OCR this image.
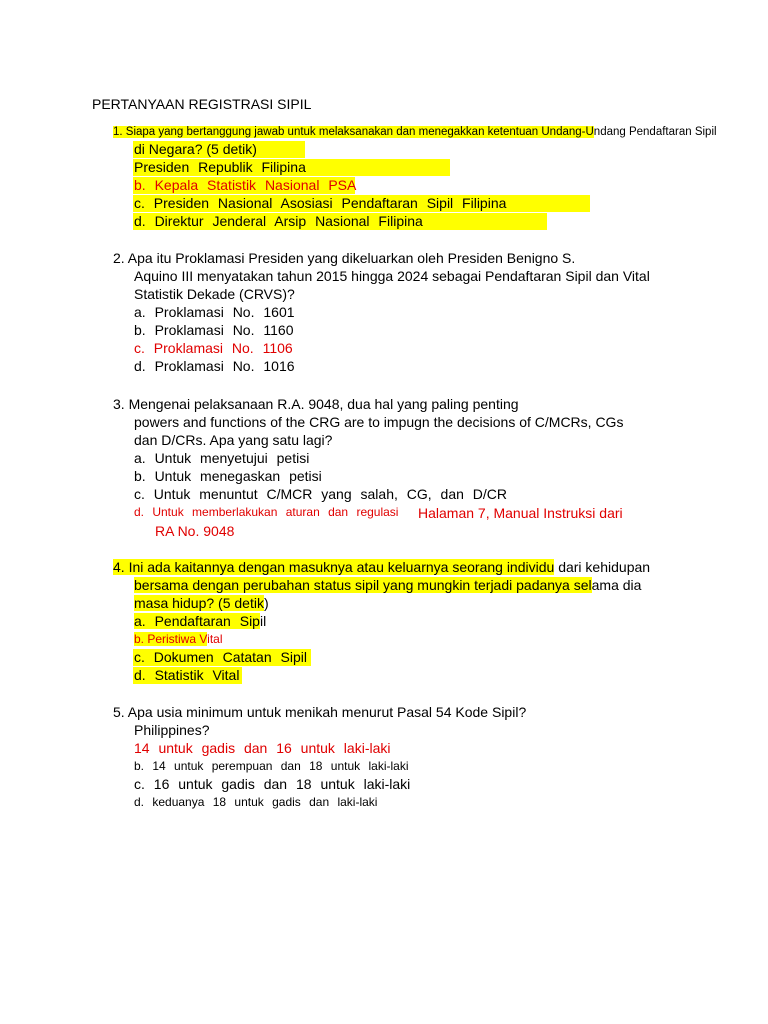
PERTANYAAN REGISTRASI SIPIL
1. Siapa yang bertanggung jawab untuk melaksanakan dan menegakkan ketentuan Undang-Undang Pendaftaran Sipil
di Negara? (5 detik)
Presiden Republik Filipina
b. Kepala Statistik Nasional PSA
c. Presiden Nasional Asosiasi Pendaftaran Sipil Filipina
d. Direktur Jenderal Arsip Nasional Filipina
2. Apa itu Proklamasi Presiden yang dikeluarkan oleh Presiden Benigno S.
Aquino III menyatakan tahun 2015 hingga 2024 sebagai Pendaftaran Sipil dan Vital
Statistik Dekade (CRVS)?
a. Proklamasi No. 1601
b. Proklamasi No. 1160
c. Proklamasi No. 1106
d. Proklamasi No. 1016
3. Mengenai pelaksanaan R.A. 9048, dua hal yang paling penting
powers and functions of the CRG are to impugn the decisions of C/MCRs, CGs
dan D/CRs. Apa yang satu lagi?
a. Untuk menyetujui petisi
b. Untuk menegaskan petisi
c. Untuk menuntut C/MCR yang salah, CG, dan D/CR
d. Untuk memberlakukan aturan dan regulasi Halaman 7, Manual Instruksi dari
RA No. 9048
4. Ini ada kaitannya dengan masuknya atau keluarnya seorang individu dari kehidupan
bersama dengan perubahan status sipil yang mungkin terjadi padanya selama dia
masa hidup? (5 detik)
a. Pendaftaran Sipil
b. Peristiwa Vital
c. Dokumen Catatan Sipil
d. Statistik Vital
5. Apa usia minimum untuk menikah menurut Pasal 54 Kode Sipil?
Philippines?
14 untuk gadis dan 16 untuk laki-laki
b. 14 untuk perempuan dan 18 untuk laki-laki
c. 16 untuk gadis dan 18 untuk laki-laki
d. keduanya 18 untuk gadis dan laki-laki
